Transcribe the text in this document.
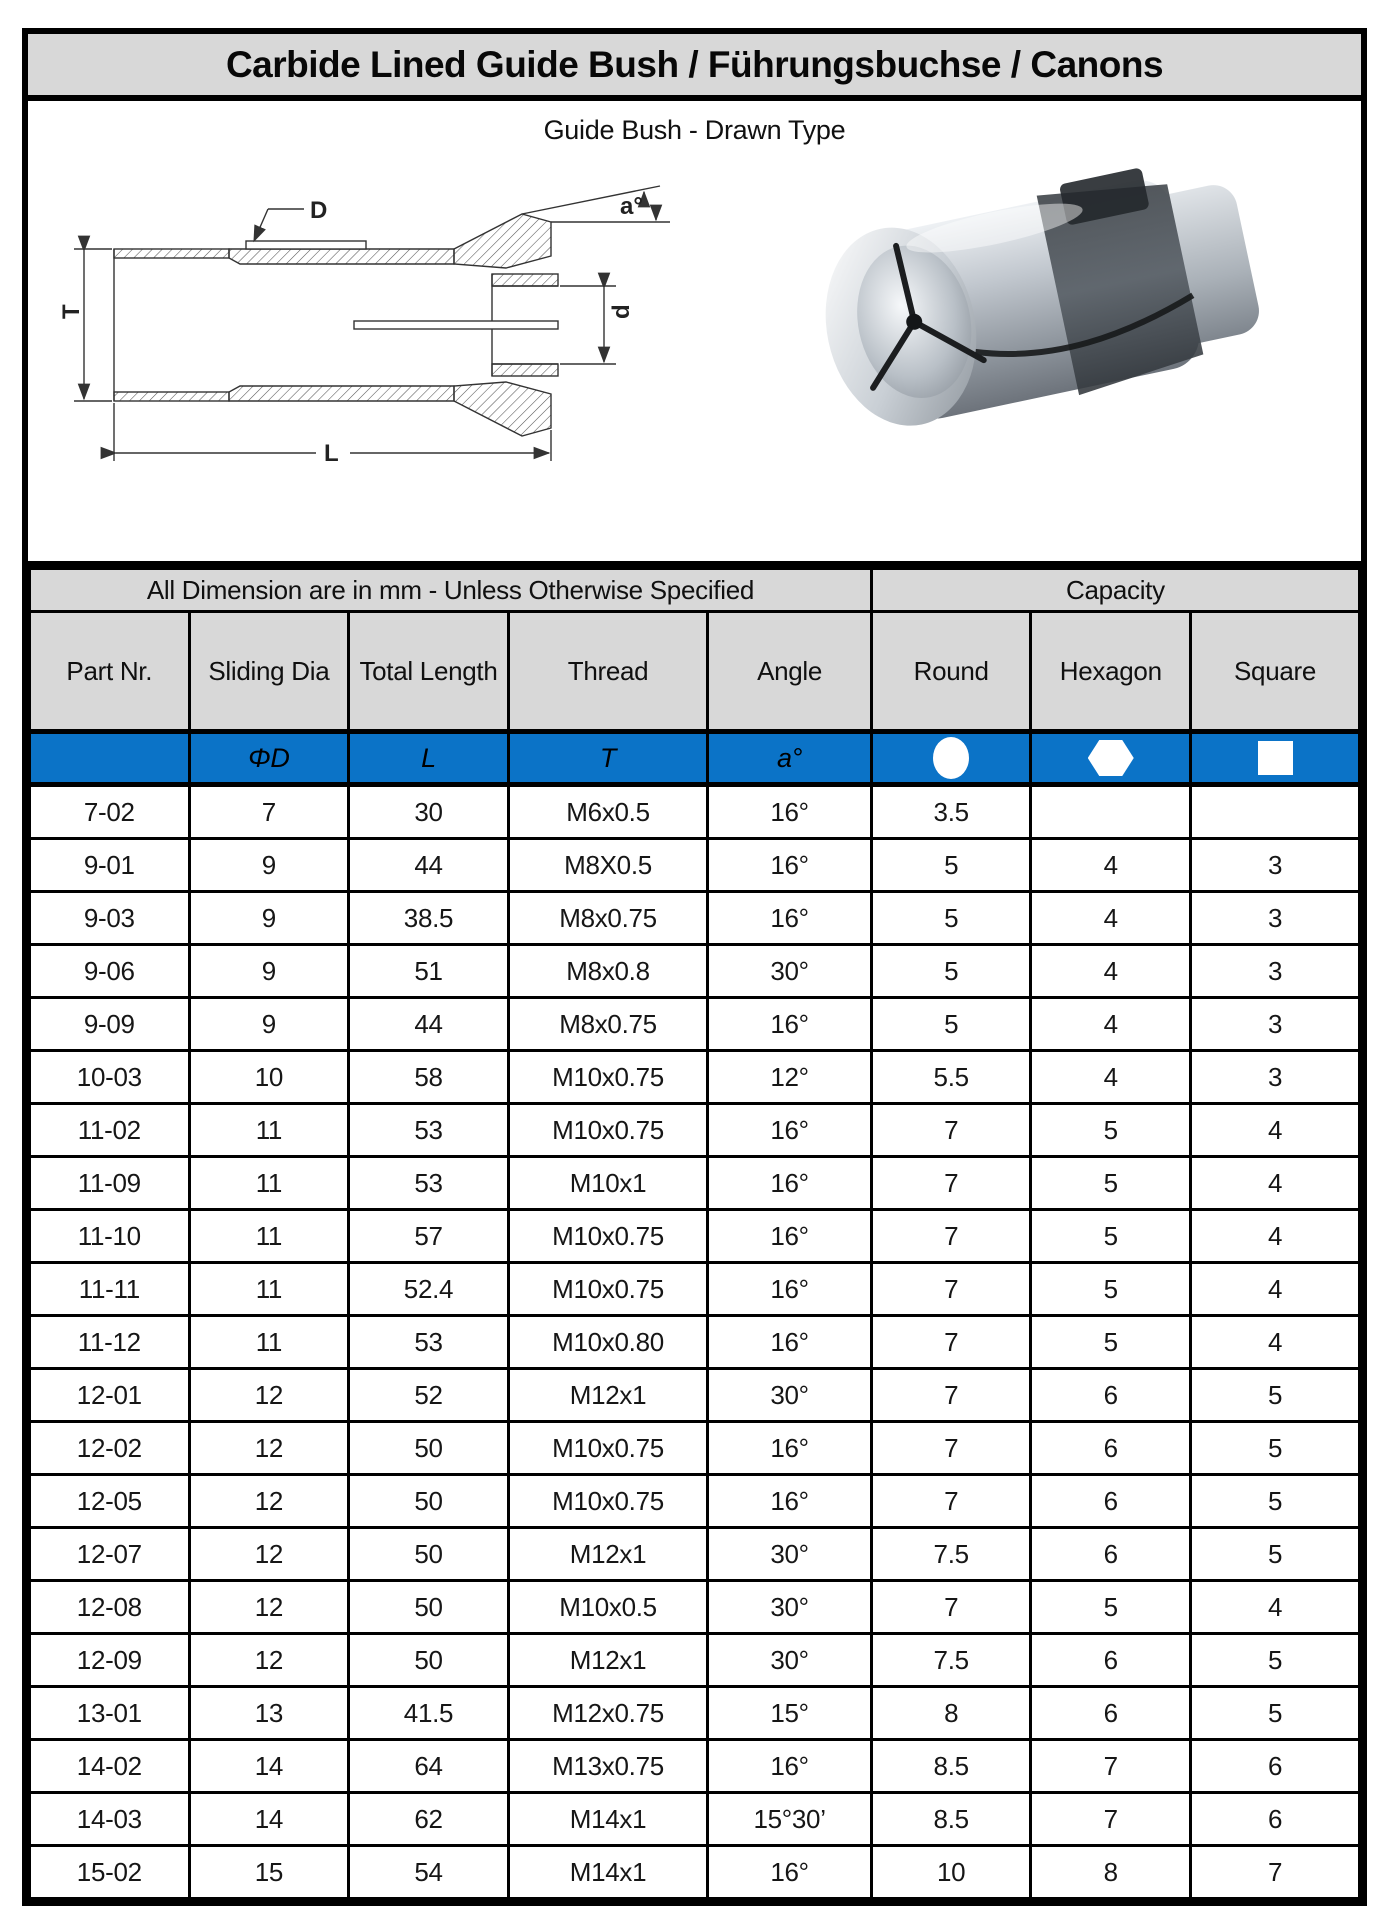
Carbide Lined Guide Bush / Führungsbuchse / Canons
Guide Bush - Drawn Type
D	a°
T	d
L
All Dimension are in mm - Unless Otherwise Specified					Capacity		
Part Nr.	Sliding Dia	Total Length	Thread	Angle	Round	Hexagon	Square
	ΦD	L	T	a°	

7-02	7	30	M6x0.5	16°	3.5		
9-01	9	44	M8X0.5	16°	5	4	3
9-03	9	38.5	M8x0.75	16°	5	4	3
9-06	9	51	M8x0.8	30°	5	4	3
9-09	9	44	M8x0.75	16°	5	4	3
10-03	10	58	M10x0.75	12°	5.5	4	3
11-02	11	53	M10x0.75	16°	7	5	4
11-09	11	53	M10x1	16°	7	5	4
11-10	11	57	M10x0.75	16°	7	5	4
11-11	11	52.4	M10x0.75	16°	7	5	4
11-12	11	53	M10x0.80	16°	7	5	4
12-01	12	52	M12x1	30°	7	6	5
12-02	12	50	M10x0.75	16°	7	6	5
12-05	12	50	M10x0.75	16°	7	6	5
12-07	12	50	M12x1	30°	7.5	6	5
12-08	12	50	M10x0.5	30°	7	5	4
12-09	12	50	M12x1	30°	7.5	6	5
13-01	13	41.5	M12x0.75	15°	8	6	5
14-02	14	64	M13x0.75	16°	8.5	7	6
14-03	14	62	M14x1	15°30’	8.5	7	6
15-02	15	54	M14x1	16°	10	8	7
